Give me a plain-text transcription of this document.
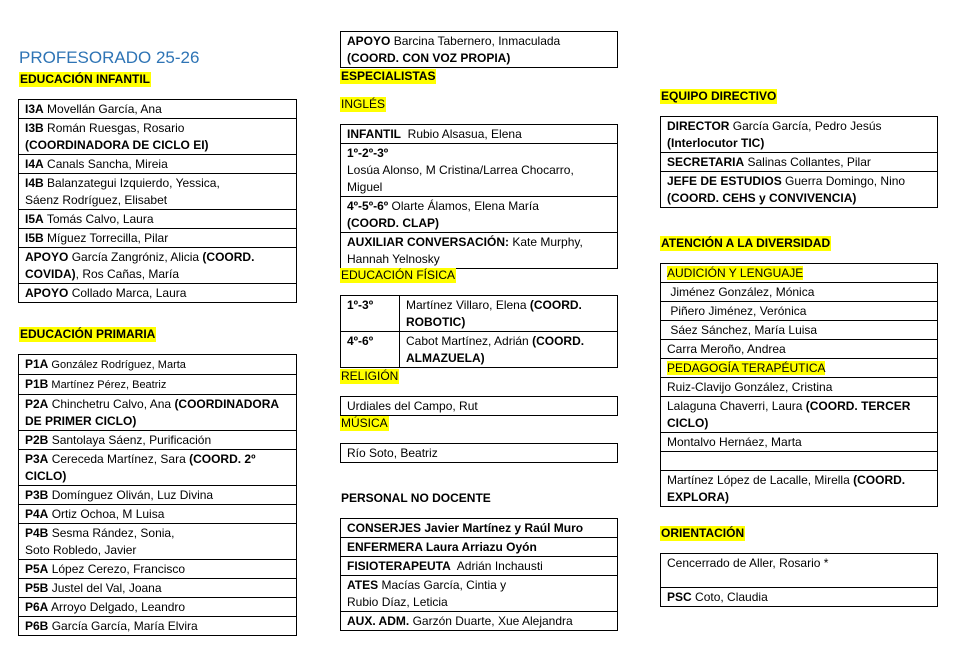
PROFESORADO 25-26
EDUCACIÓN INFANTIL
I3A Movellán García, Ana
I3B Román Ruesgas, Rosario
(COORDINADORA DE CICLO EI)
I4A Canals Sancha, Mireia
I4B Balanzategui Izquierdo, Yessica,
Sáenz Rodríguez, Elisabet
I5A Tomás Calvo, Laura
I5B Míguez Torrecilla, Pilar
APOYO García Zangróniz, Alicia (COORD. COVIDA), Ros Cañas, María
APOYO Collado Marca, Laura
EDUCACIÓN PRIMARIA
P1A González Rodríguez, Marta
P1B Martínez Pérez, Beatriz
P2A Chinchetru Calvo, Ana (COORDINADORA DE PRIMER CICLO)
P2B Santolaya Sáenz, Purificación
P3A Cereceda Martínez, Sara (COORD. 2º CICLO)
P3B Domínguez Oliván, Luz Divina
P4A Ortiz Ochoa, M Luisa
P4B Sesma Rández, Sonia,
Soto Robledo, Javier
P5A López Cerezo, Francisco
P5B Justel del Val, Joana
P6A Arroyo Delgado, Leandro
P6B García García, María Elvira
APOYO Barcina Tabernero, Inmaculada
(COORD. CON VOZ PROPIA)
ESPECIALISTAS
INGLÉS
INFANTIL Rubio Alsasua, Elena
1º-2º-3º
Losúa Alonso, M Cristina/Larrea Chocarro, Miguel
4º-5º-6º Olarte Álamos, Elena María
(COORD. CLAP)
AUXILIAR CONVERSACIÓN: Kate Murphy, Hannah Yelnosky
EDUCACIÓN FÍSICA
1º-3º	Martínez Villaro, Elena (COORD. ROBOTIC)
4º-6º	Cabot Martínez, Adrián (COORD. ALMAZUELA)
RELIGIÓN
Urdiales del Campo, Rut
MÚSICA
Río Soto, Beatriz
PERSONAL NO DOCENTE
CONSERJES Javier Martínez y Raúl Muro
ENFERMERA Laura Arriazu Oyón
FISIOTERAPEUTA Adrián Inchausti
ATES Macías García, Cintia y
Rubio Díaz, Leticia
AUX. ADM. Garzón Duarte, Xue Alejandra
EQUIPO DIRECTIVO
DIRECTOR García García, Pedro Jesús
(Interlocutor TIC)
SECRETARIA Salinas Collantes, Pilar
JEFE DE ESTUDIOS Guerra Domingo, Nino
(COORD. CEHS y CONVIVENCIA)
ATENCIÓN A LA DIVERSIDAD
AUDICIÓN Y LENGUAJE
Jiménez González, Mónica
Piñero Jiménez, Verónica
Sáez Sánchez, María Luisa
Carra Meroño, Andrea
PEDAGOGÍA TERAPÉUTICA
Ruiz-Clavijo González, Cristina
Lalaguna Chaverri, Laura (COORD. TERCER CICLO)
Montalvo Hernáez, Marta

Martínez López de Lacalle, Mirella (COORD. EXPLORA)
ORIENTACIÓN
Cencerrado de Aller, Rosario *
PSC Coto, Claudia
